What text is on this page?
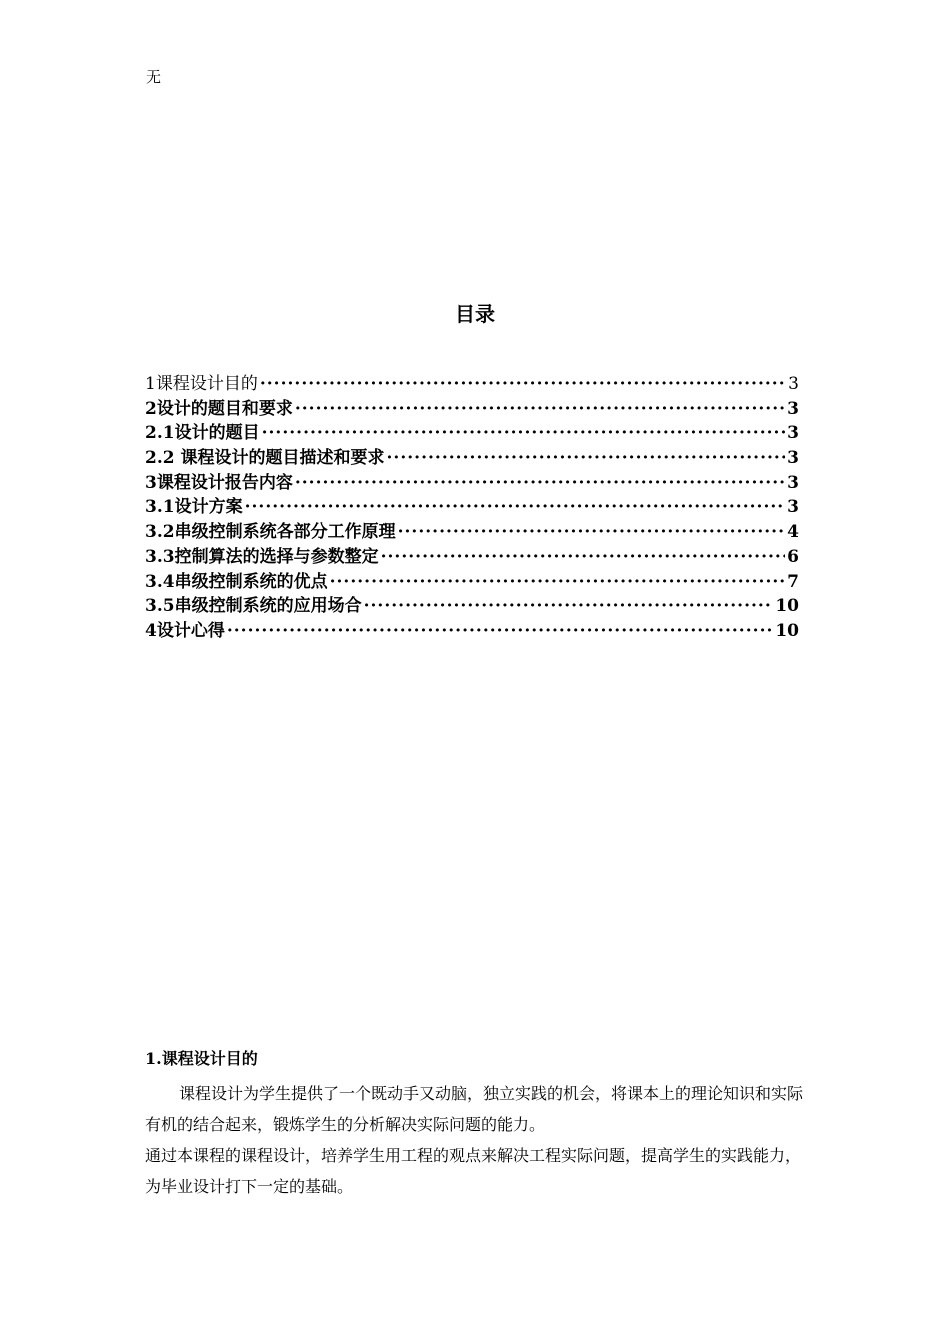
无
目录
1课程设计目的 ·····	3
2设计的题目和要求 ·····	3
2.1设计的题目 ·····	3
2.2 课程设计的题目描述和要求 ·····	3
3课程设计报告内容 ·····	3
3.1设计方案 ·····	3
3.2串级控制系统各部分工作原理 ·····	4
3.3控制算法的选择与参数整定 ·····	6
3.4串级控制系统的优点 ·····	7
3.5串级控制系统的应用场合 ·····	10
4设计心得 ·····	10
1.课程设计目的

课程设计为学生提供了一个既动手又动脑，独立实践的机会，将课本上的理论知识和实际有机的结合起来，锻炼学生的分析解决实际问题的能力。

通过本课程的课程设计，培养学生用工程的观点来解决工程实际问题，提高学生的实践能力，为毕业设计打下一定的基础。
